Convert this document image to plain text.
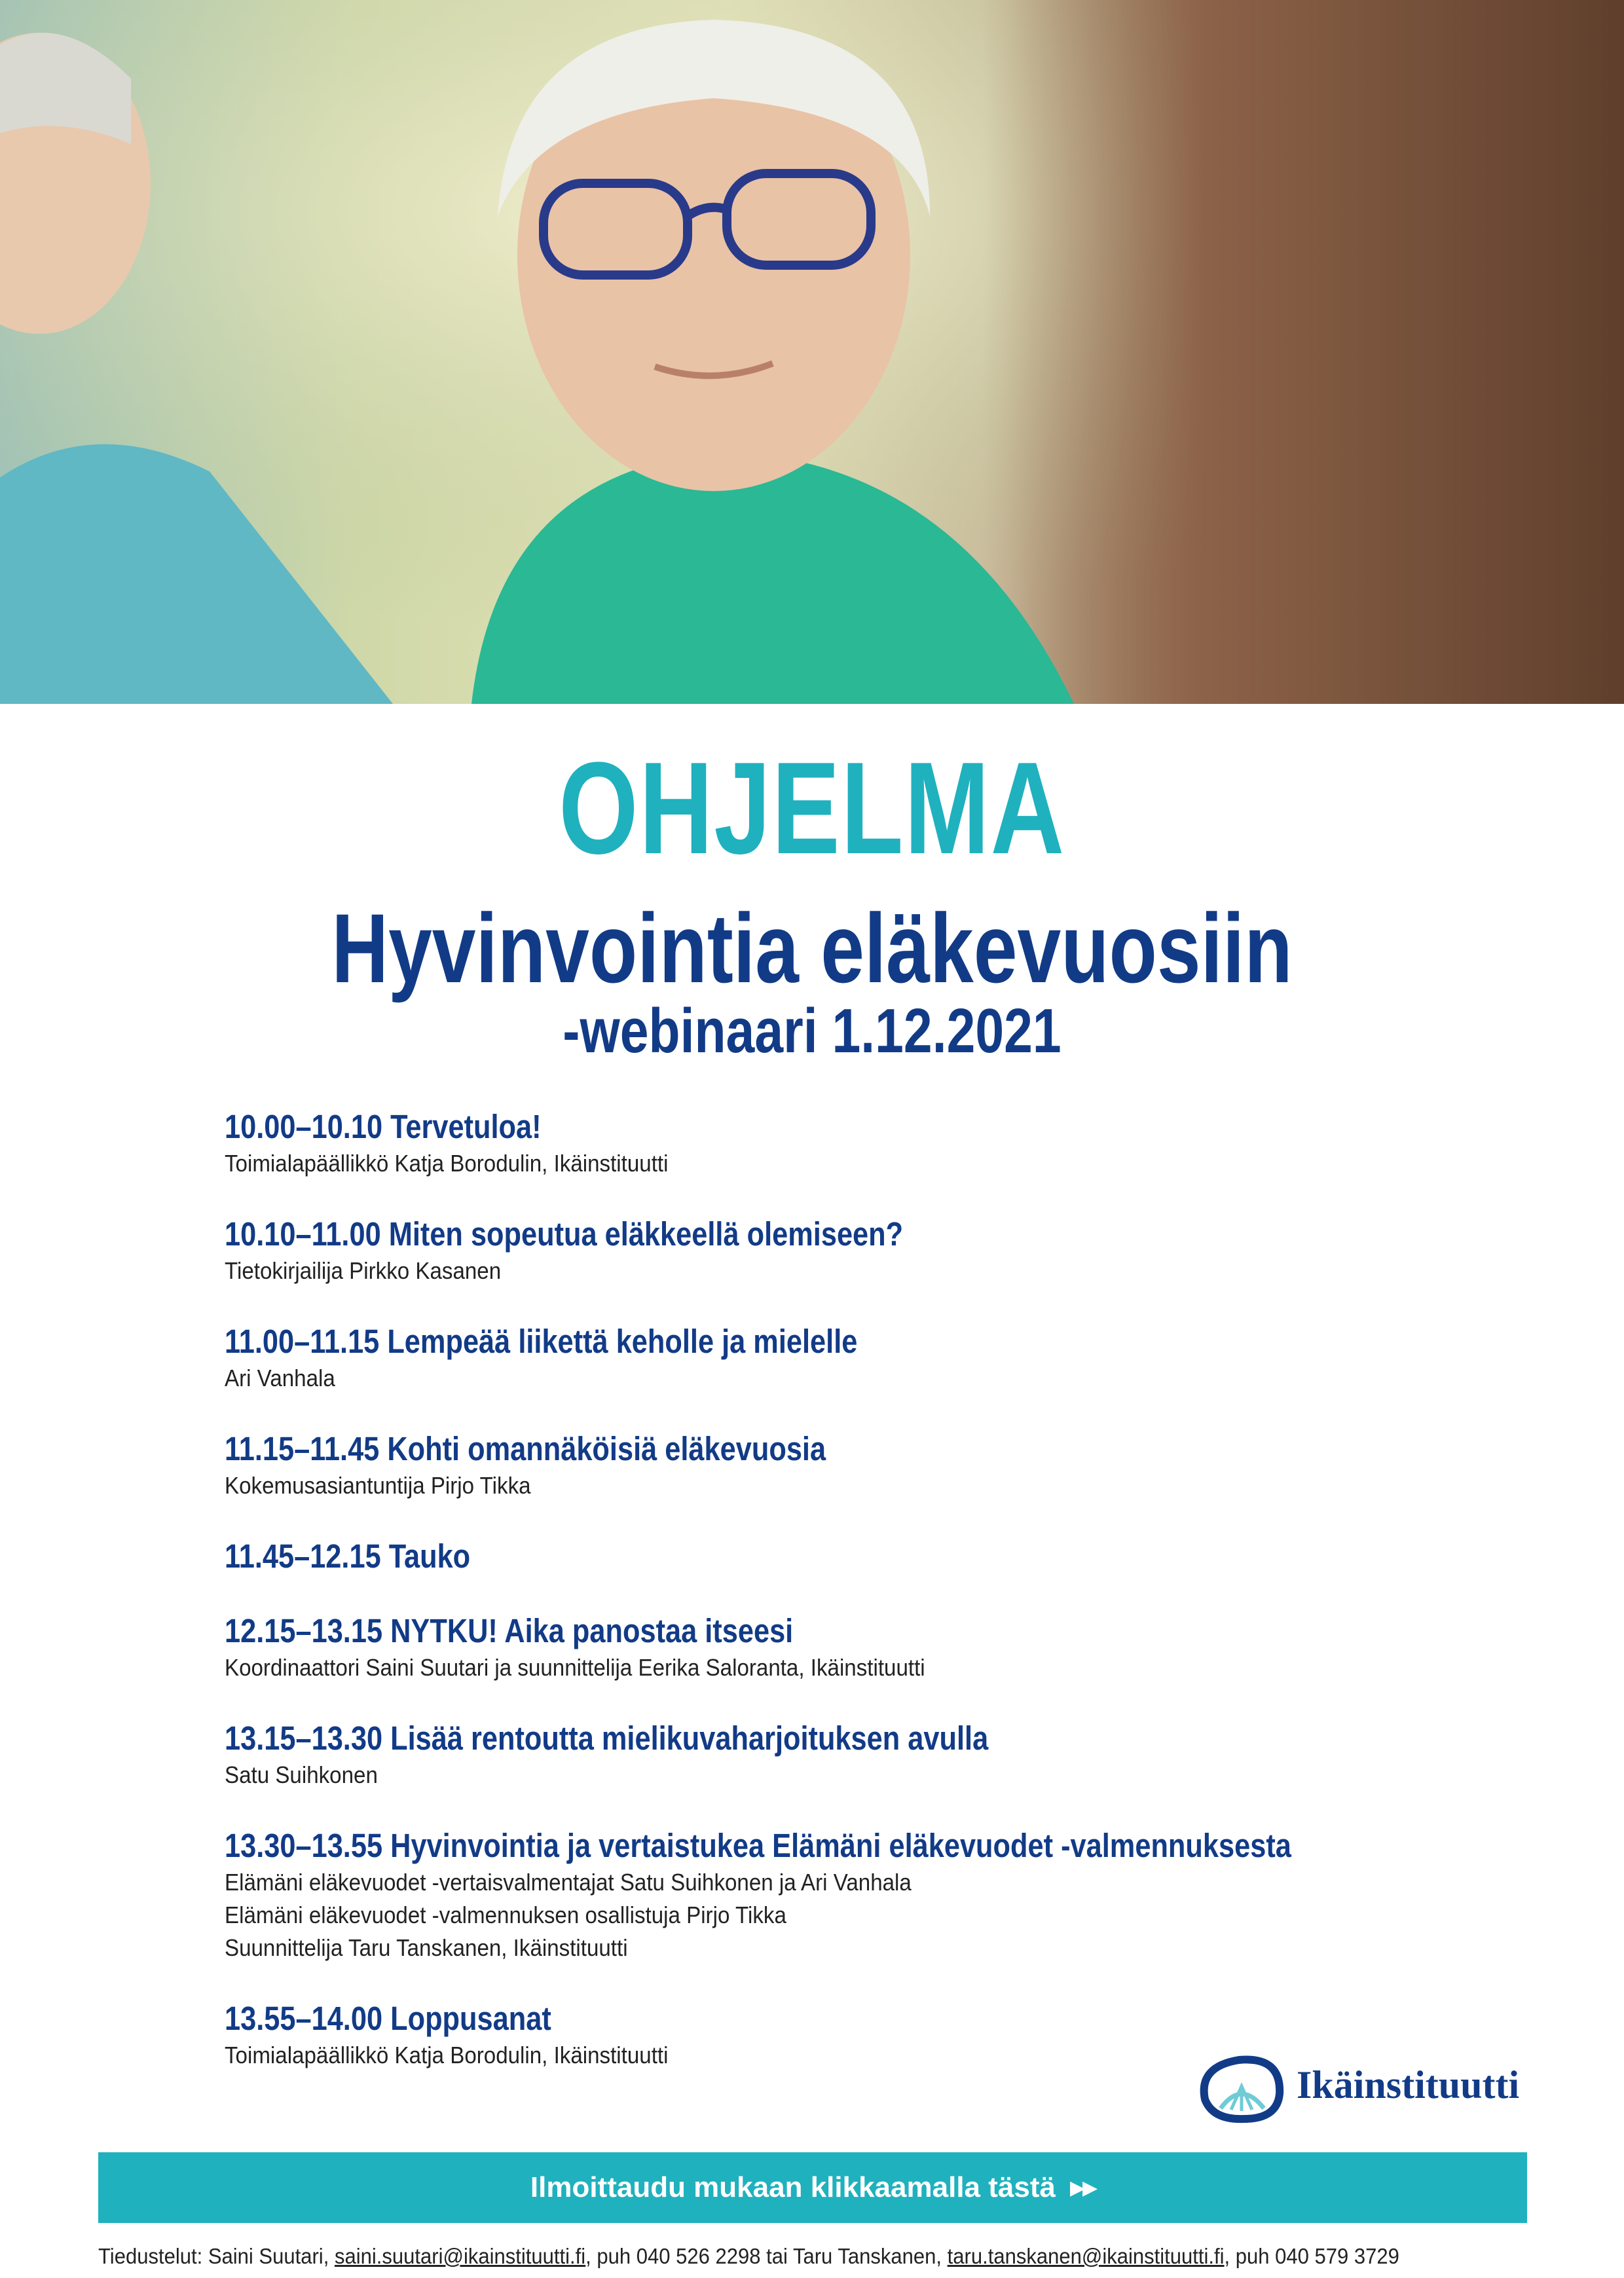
OHJELMA
Hyvinvointia eläkevuosiin
-webinaari 1.12.2021
10.00–10.10 Tervetuloa!
Toimialapäällikkö Katja Borodulin, Ikäinstituutti
10.10–11.00 Miten sopeutua eläkkeellä olemiseen?
Tietokirjailija Pirkko Kasanen
11.00–11.15 Lempeää liikettä keholle ja mielelle
Ari Vanhala
11.15–11.45 Kohti omannäköisiä eläkevuosia
Kokemusasiantuntija Pirjo Tikka
11.45–12.15 Tauko
12.15–13.15 NYTKU! Aika panostaa itseesi
Koordinaattori Saini Suutari ja suunnittelija Eerika Saloranta, Ikäinstituutti
13.15–13.30 Lisää rentoutta mielikuvaharjoituksen avulla
Satu Suihkonen
13.30–13.55 Hyvinvointia ja vertaistukea Elämäni eläkevuodet -valmennuksesta
Elämäni eläkevuodet -vertaisvalmentajat Satu Suihkonen ja Ari Vanhala
Elämäni eläkevuodet -valmennuksen osallistuja Pirjo Tikka
Suunnittelija Taru Tanskanen, Ikäinstituutti
13.55–14.00 Loppusanat
Toimialapäällikkö Katja Borodulin, Ikäinstituutti
Ikäinstituutti
Ilmoittaudu mukaan klikkaamalla tästä ▶▶
Tiedustelut: Saini Suutari, saini.suutari@ikainstituutti.fi, puh 040 526 2298 tai Taru Tanskanen, taru.tanskanen@ikainstituutti.fi, puh 040 579 3729
